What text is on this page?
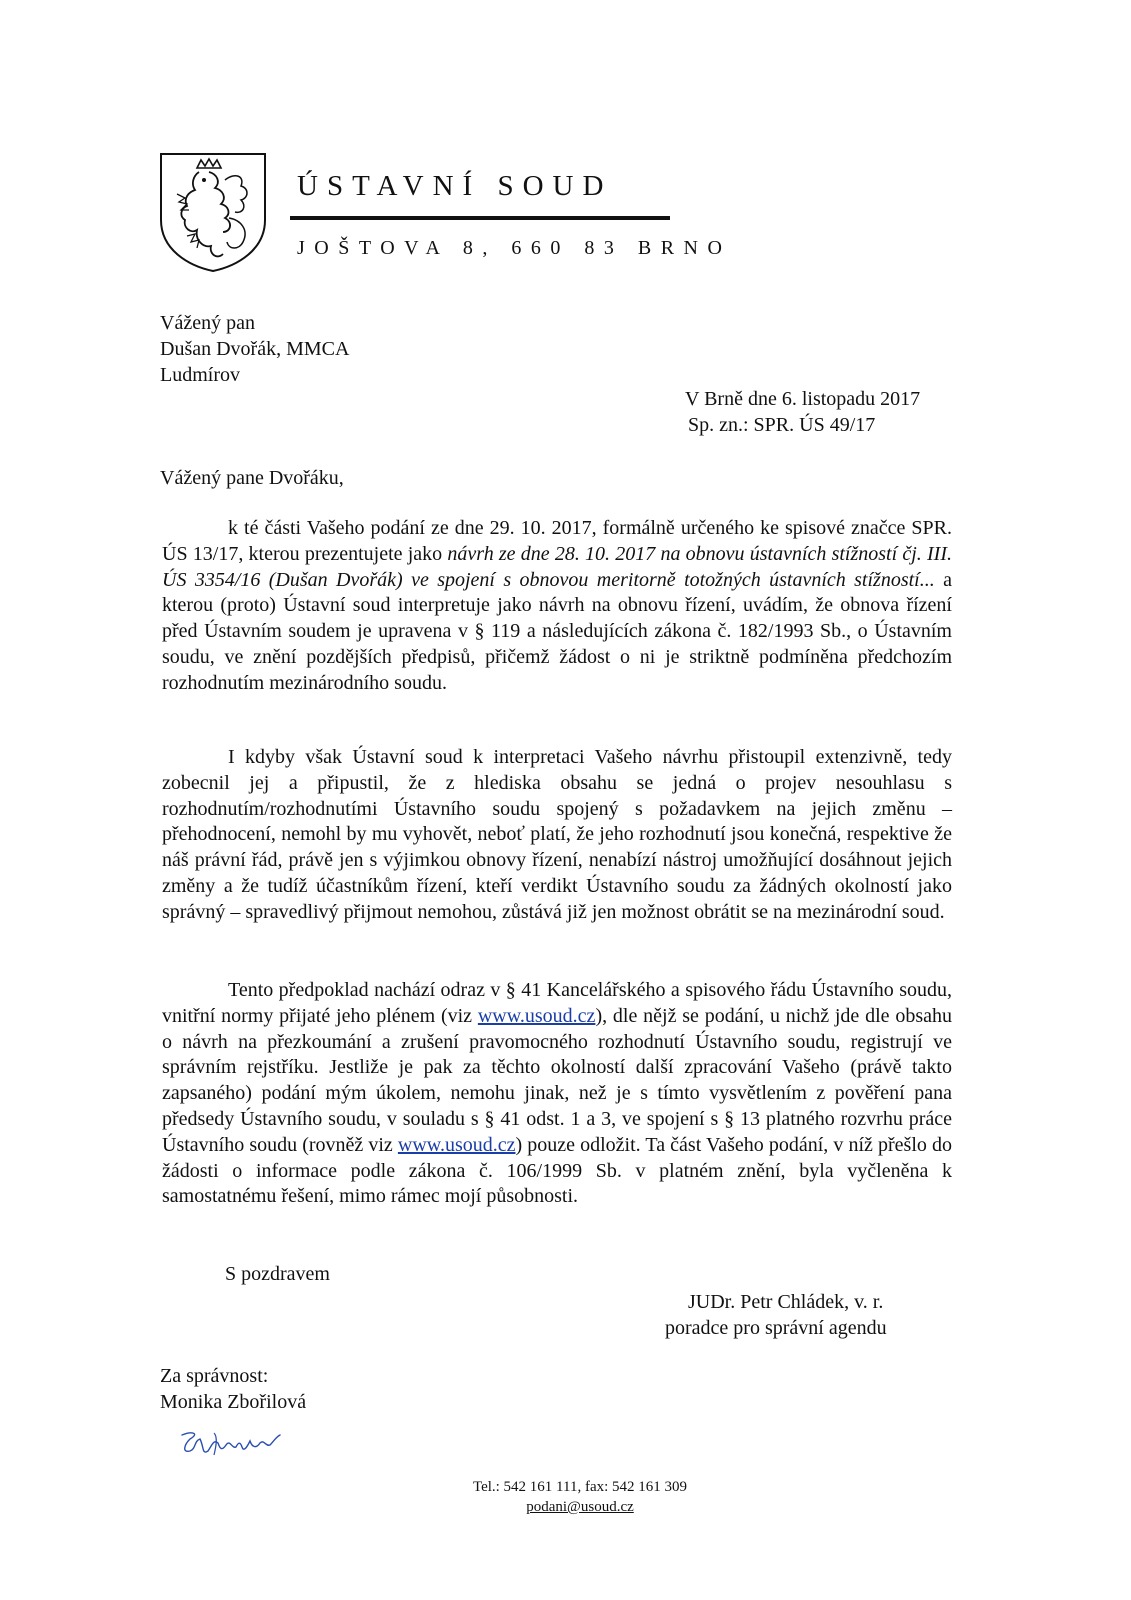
ÚSTAVNÍ SOUD
JOŠTOVA 8, 660 83 BRNO
Vážený pan
Dušan Dvořák, MMCA
Ludmírov
V Brně dne 6. listopadu 2017
Sp. zn.: SPR. ÚS 49/17
Vážený pane Dvořáku,
k té části Vašeho podání ze dne 29. 10. 2017, formálně určeného ke spisové značce SPR. ÚS 13/17, kterou prezentujete jako návrh ze dne 28. 10. 2017 na obnovu ústavních stížností čj. III. ÚS 3354/16 (Dušan Dvořák) ve spojení s obnovou meritorně totožných ústavních stížností... a kterou (proto) Ústavní soud interpretuje jako návrh na obnovu řízení, uvádím, že obnova řízení před Ústavním soudem je upravena v § 119 a následujících zákona č. 182/1993 Sb., o Ústavním soudu, ve znění pozdějších předpisů, přičemž žádost o ni je striktně podmíněna předchozím rozhodnutím mezinárodního soudu.
I kdyby však Ústavní soud k interpretaci Vašeho návrhu přistoupil extenzivně, tedy zobecnil jej a připustil, že z hlediska obsahu se jedná o projev nesouhlasu s rozhodnutím/rozhodnutími Ústavního soudu spojený s požadavkem na jejich změnu – přehodnocení, nemohl by mu vyhovět, neboť platí, že jeho rozhodnutí jsou konečná, respektive že náš právní řád, právě jen s výjimkou obnovy řízení, nenabízí nástroj umožňující dosáhnout jejich změny a že tudíž účastníkům řízení, kteří verdikt Ústavního soudu za žádných okolností jako správný – spravedlivý přijmout nemohou, zůstává již jen možnost obrátit se na mezinárodní soud.
Tento předpoklad nachází odraz v § 41 Kancelářského a spisového řádu Ústavního soudu, vnitřní normy přijaté jeho plénem (viz www.usoud.cz), dle nějž se podání, u nichž jde dle obsahu o návrh na přezkoumání a zrušení pravomocného rozhodnutí Ústavního soudu, registrují ve správním rejstříku. Jestliže je pak za těchto okolností další zpracování Vašeho (právě takto zapsaného) podání mým úkolem, nemohu jinak, než je s tímto vysvětlením z pověření pana předsedy Ústavního soudu, v souladu s § 41 odst. 1 a 3, ve spojení s § 13 platného rozvrhu práce Ústavního soudu (rovněž viz www.usoud.cz) pouze odložit. Ta část Vašeho podání, v níž přešlo do žádosti o informace podle zákona č. 106/1999 Sb. v platném znění, byla vyčleněna k samostatnému řešení, mimo rámec mojí působnosti.
S pozdravem
JUDr. Petr Chládek, v. r.
poradce pro správní agendu
Za správnost:
Monika Zbořilová
Tel.: 542 161 111, fax: 542 161 309
podani@usoud.cz
